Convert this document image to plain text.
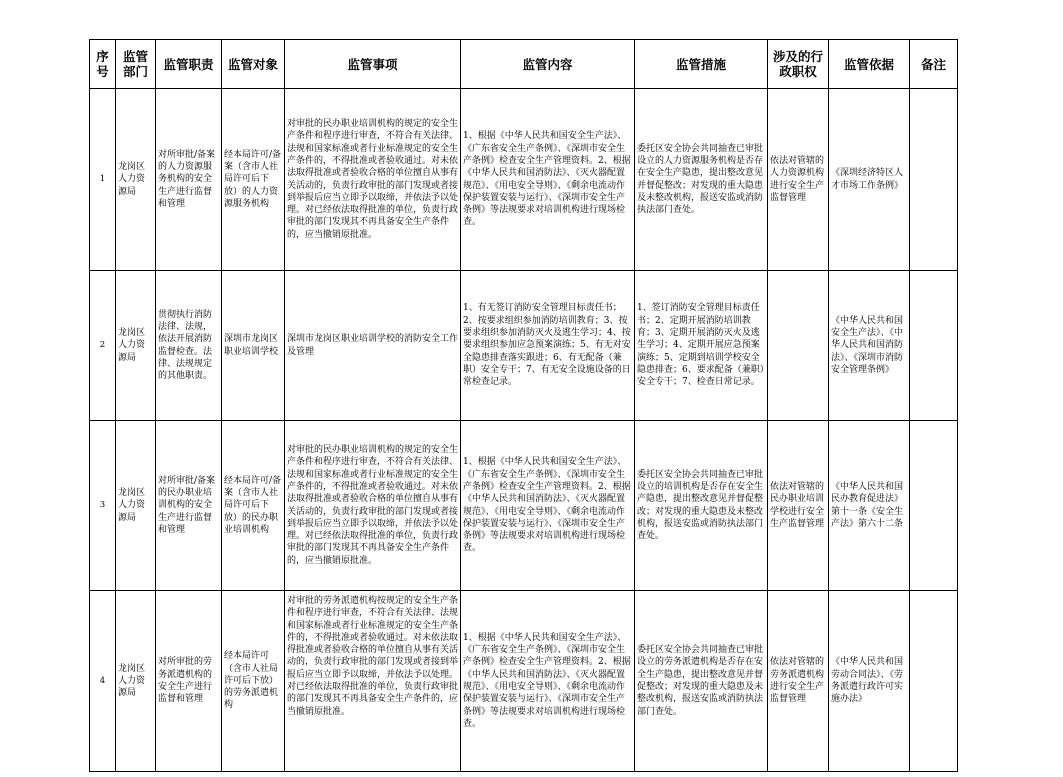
序号	监管部门	监管职责	监管对象	监管事项	监管内容	监管措施	涉及的行政职权	监管依据	备注
1	龙岗区人力资源局	对所审批/备案的人力资源服务机构的安全生产进行监督和管理	经本局许可/备案（含市人社局许可后下放）的人力资源服务机构	对审批的民办职业培训机构的规定的安全生产条件和程序进行审查，不符合有关法律、法规和国家标准或者行业标准规定的安全生产条件的，不得批准或者验收通过。对未依法取得批准或者验收合格的单位擅自从事有关活动的，负责行政审批的部门发现或者接到举报后应当立即予以取缔，并依法予以处理。对已经依法取得批准的单位，负责行政审批的部门发现其不再具备安全生产条件的，应当撤销原批准。	1、根据《中华人民共和国安全生产法》、《广东省安全生产条例》、《深圳市安全生产条例》检查安全生产管理资料。2、根据《中华人民共和国消防法》、《灭火器配置规范》、《用电安全导则》、《剩余电流动作保护装置安装与运行》、《深圳市安全生产条例》等法规要求对培训机构进行现场检查。	委托区安全协会共同抽查已审批设立的人力资源服务机构是否存在安全生产隐患，提出整改意见并督促整改；对发现的重大隐患及未整改机构，报送安监或消防执法部门查处。	依法对管辖的人力资源机构进行安全生产监督管理	《深圳经济特区人才市场工作条例》	
2	龙岗区人力资源局	贯彻执行消防法律、法规，依法开展消防监督检查。法律、法规规定的其他职责。	深圳市龙岗区职业培训学校	深圳市龙岗区职业培训学校的消防安全工作及管理	1、有无签订消防安全管理目标责任书；2、按要求组织参加消防培训教育；3、按要求组织参加消防灭火及逃生学习；4、按要求组织参加应急预案演练；5、有无对安全隐患排查落实跟进；6、有无配备（兼职）安全专干；7、有无安全设施设备的日常检查记录。	1、签订消防安全管理目标责任书；2、定期开展消防培训教育；3、定期开展消防灭火及逃生学习；4、定期开展应急预案演练；5、定期到培训学校安全隐患排查；6、要求配备（兼职）安全专干；7、检查日常记录。		《中华人民共和国安全生产法》、《中华人民共和国消防法》、《深圳市消防安全管理条例》	
3	龙岗区人力资源局	对所审批/备案的民办职业培训机构的安全生产进行监督和管理	经本局许可/备案（含市人社局许可后下放）的民办职业培训机构	对审批的民办职业培训机构的规定的安全生产条件和程序进行审查，不符合有关法律、法规和国家标准或者行业标准规定的安全生产条件的，不得批准或者验收通过。对未依法取得批准或者验收合格的单位擅自从事有关活动的，负责行政审批的部门发现或者接到举报后应当立即予以取缔，并依法予以处理。对已经依法取得批准的单位，负责行政审批的部门发现其不再具备安全生产条件的，应当撤销原批准。	1、根据《中华人民共和国安全生产法》、《广东省安全生产条例》、《深圳市安全生产条例》检查安全生产管理资料。2、根据《中华人民共和国消防法》、《灭火器配置规范》、《用电安全导则》、《剩余电流动作保护装置安装与运行》、《深圳市安全生产条例》等法规要求对培训机构进行现场检查。	委托区安全协会共同抽查已审批设立的培训机构是否存在安全生产隐患，提出整改意见并督促整改；对发现的重大隐患及未整改机构，报送安监或消防执法部门查处。	依法对管辖的民办职业培训学校进行安全生产监督管理	《中华人民共和国民办教育促进法》第十一条《安全生产法》第六十二条	
4	龙岗区人力资源局	对所审批的劳务派遣机构的安全生产进行监督和管理	经本局许可（含市人社局许可后下放）的劳务派遣机构	对审批的劳务派遣机构按规定的安全生产条件和程序进行审查，不符合有关法律、法规和国家标准或者行业标准规定的安全生产条件的，不得批准或者验收通过。对未依法取得批准或者验收合格的单位擅自从事有关活动的，负责行政审批的部门发现或者接到举报后应当立即予以取缔，并依法予以处理。对已经依法取得批准的单位，负责行政审批的部门发现其不再具备安全生产条件的，应当撤销原批准。	1、根据《中华人民共和国安全生产法》、《广东省安全生产条例》、《深圳市安全生产条例》检查安全生产管理资料。2、根据《中华人民共和国消防法》、《灭火器配置规范》、《用电安全导则》、《剩余电流动作保护装置安装与运行》、《深圳市安全生产条例》等法规要求对培训机构进行现场检查。	委托区安全协会共同抽查已审批设立的劳务派遣机构是否存在安全生产隐患，提出整改意见并督促整改；对发现的重大隐患及未整改机构，报送安监或消防执法部门查处。	依法对管辖的劳务派遣机构进行安全生产监督管理	《中华人民共和国劳动合同法》、《劳务派遣行政许可实施办法》	
